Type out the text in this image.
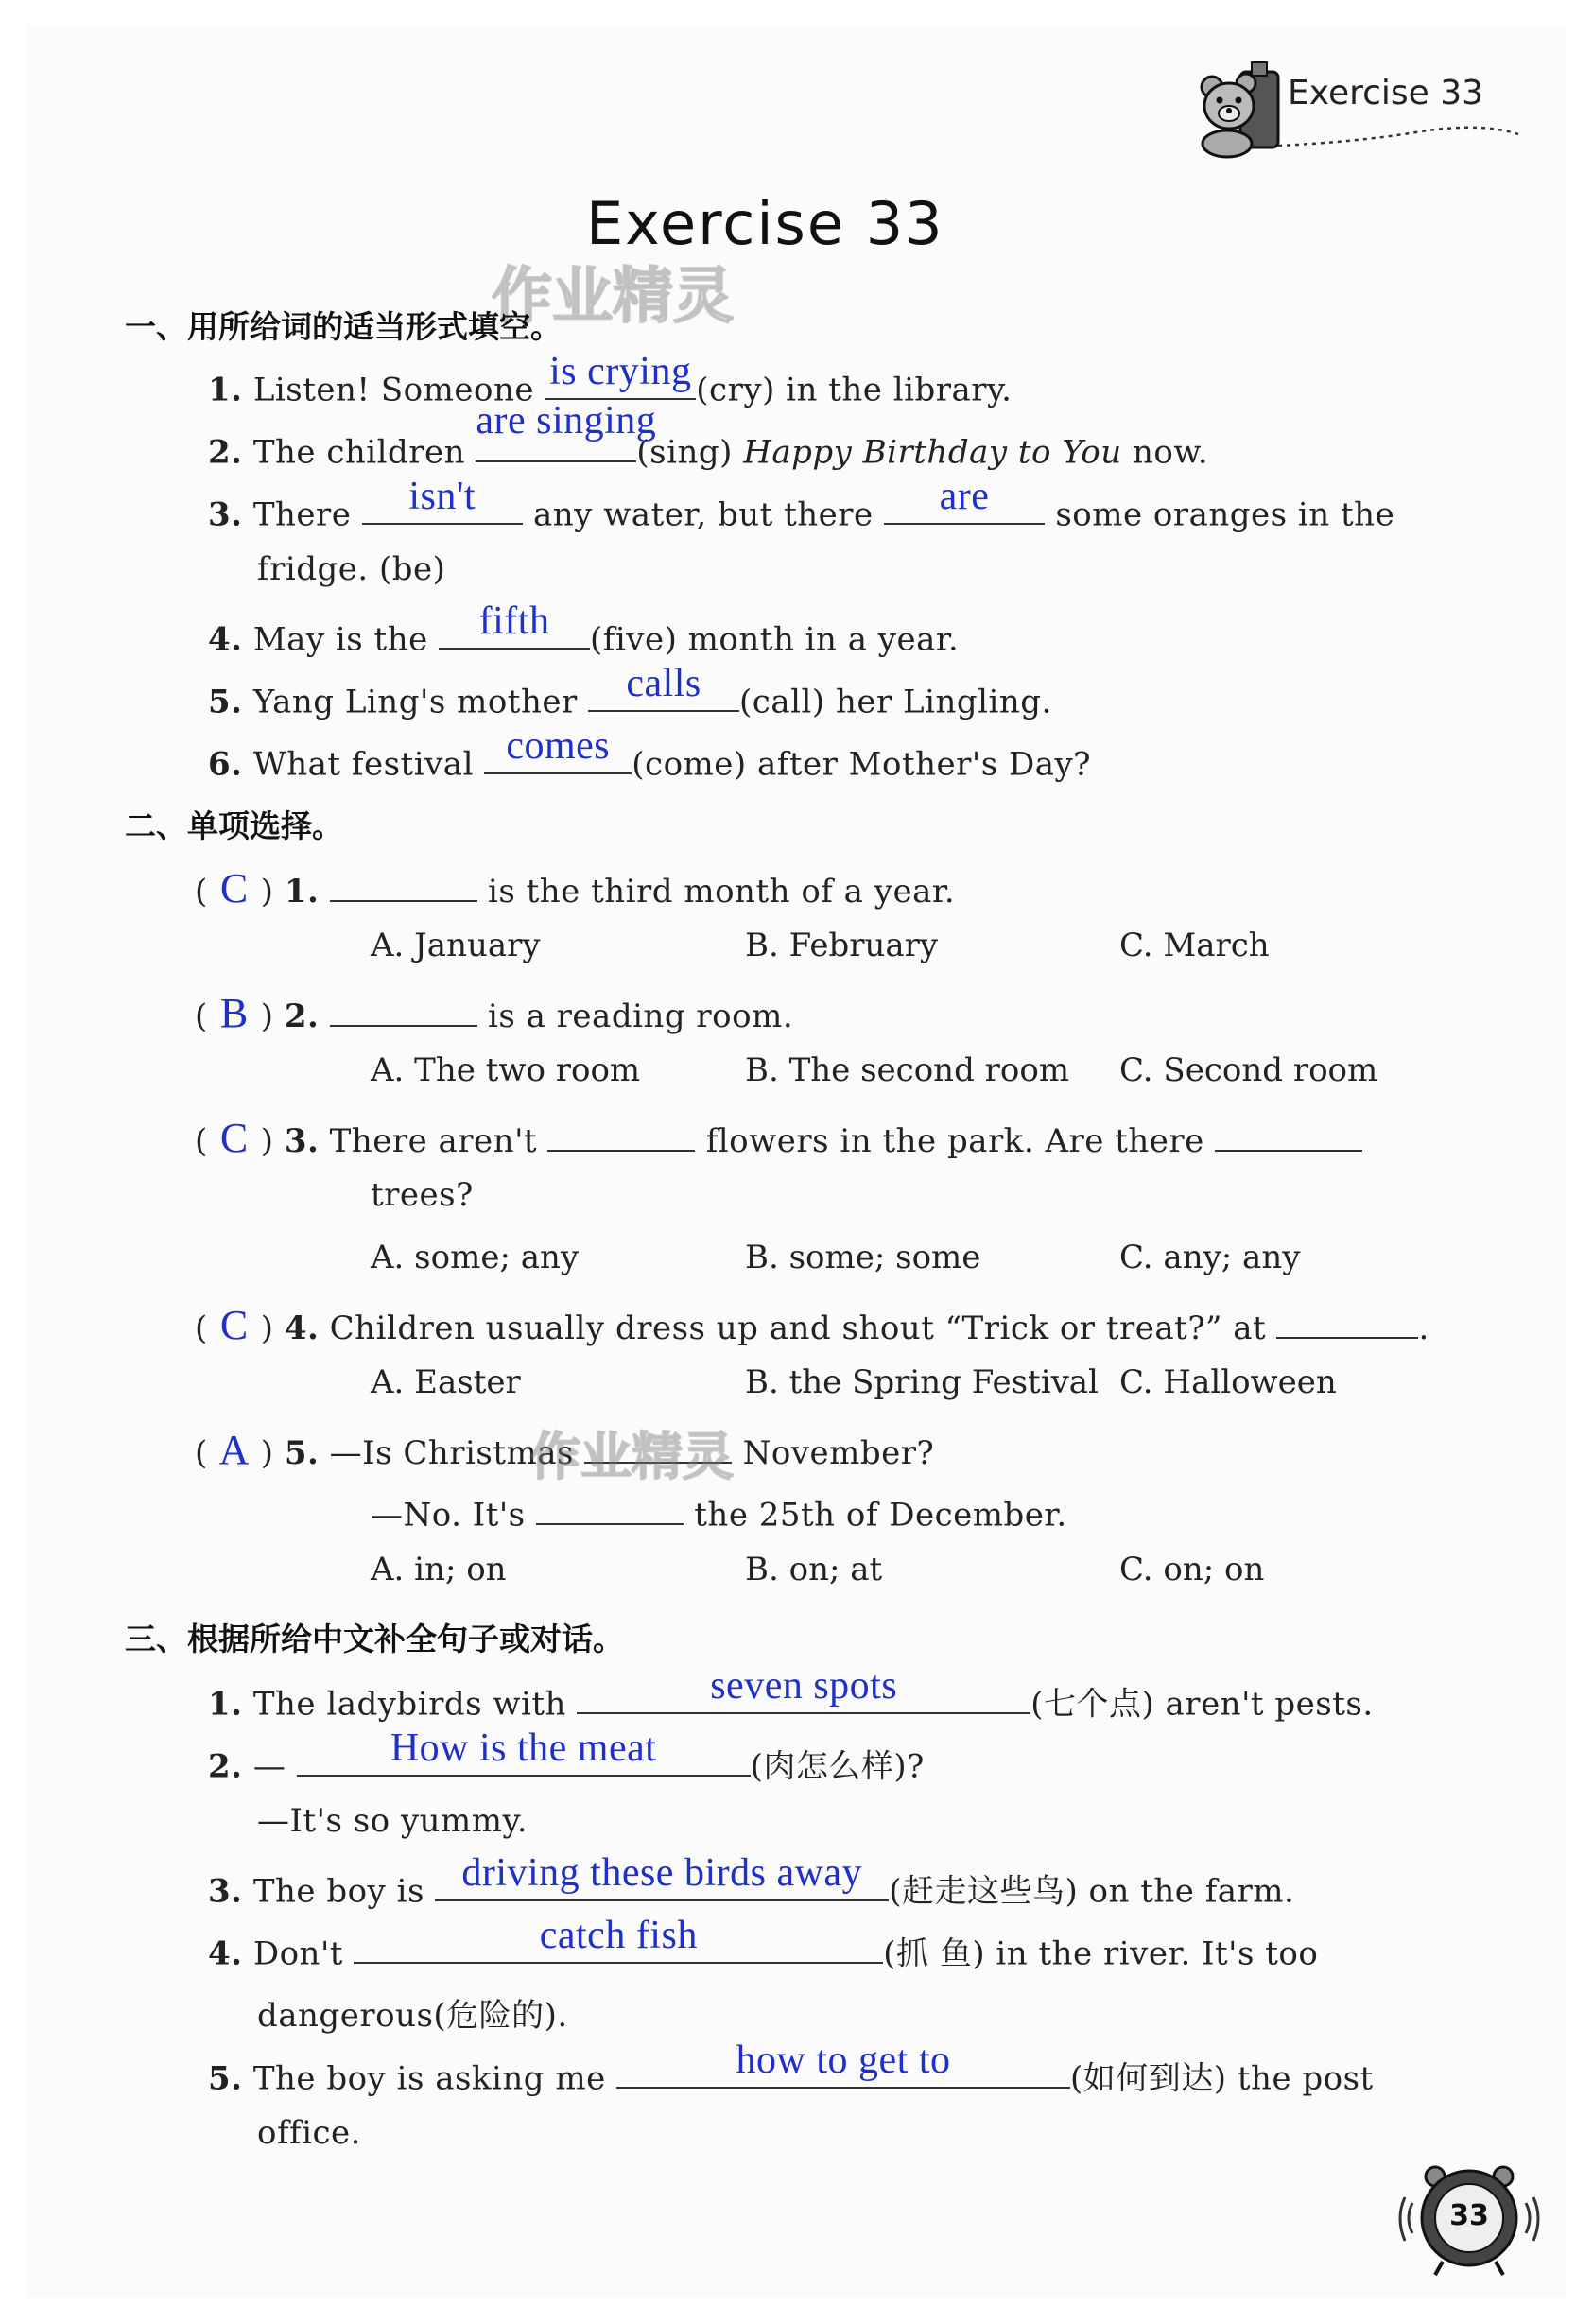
Exercise 33
Exercise 33
作业精灵
一、用所给词的适当形式填空。
1. Listen! Someone is crying (cry) in the library.
2. The children
are singing
(sing) Happy Birthday to You now.
3. There	isn't	any water, but there	are	some oranges in the
fridge. (be)
4. May is the	fifth	(five) month in a year.
5. Yang Ling's mother	calls	(call) her Lingling.
6. What festival comes (come) after Mother's Day?
二、单项选择。
( C ) 1.	is the third month of a year.
A. January	B. February	C. March
( B ) 2.	is a reading room.
A. The two room	B. The second room C. Second room
( C ) 3. There aren't	flowers in the park. Are there
trees?
A. some; any	B. some; some	C. any; any
( C ) 4. Children usually dress up and shout “Trick or treat?” at	.
A. Easter	B. the Spring Festival C. Halloween
( A ) 5. —Is Christmas	November?
—No. It's	the 25th of December.
A. in; on	B. on; at	C. on; on
作业精灵
三、根据所给中文补全句子或对话。
1. The ladybirds with	seven spots	(七个点) aren't pests.
2. —	How is the meat	(肉怎么样)?
—It's so yummy.
3. The boy is driving these birds away (赶走这些鸟) on the farm.
4. Don't	catch fish	(抓 鱼) in the river. It's too
dangerous(危险的).
5. The boy is asking me	how to get to	(如何到达) the post
office.
33
